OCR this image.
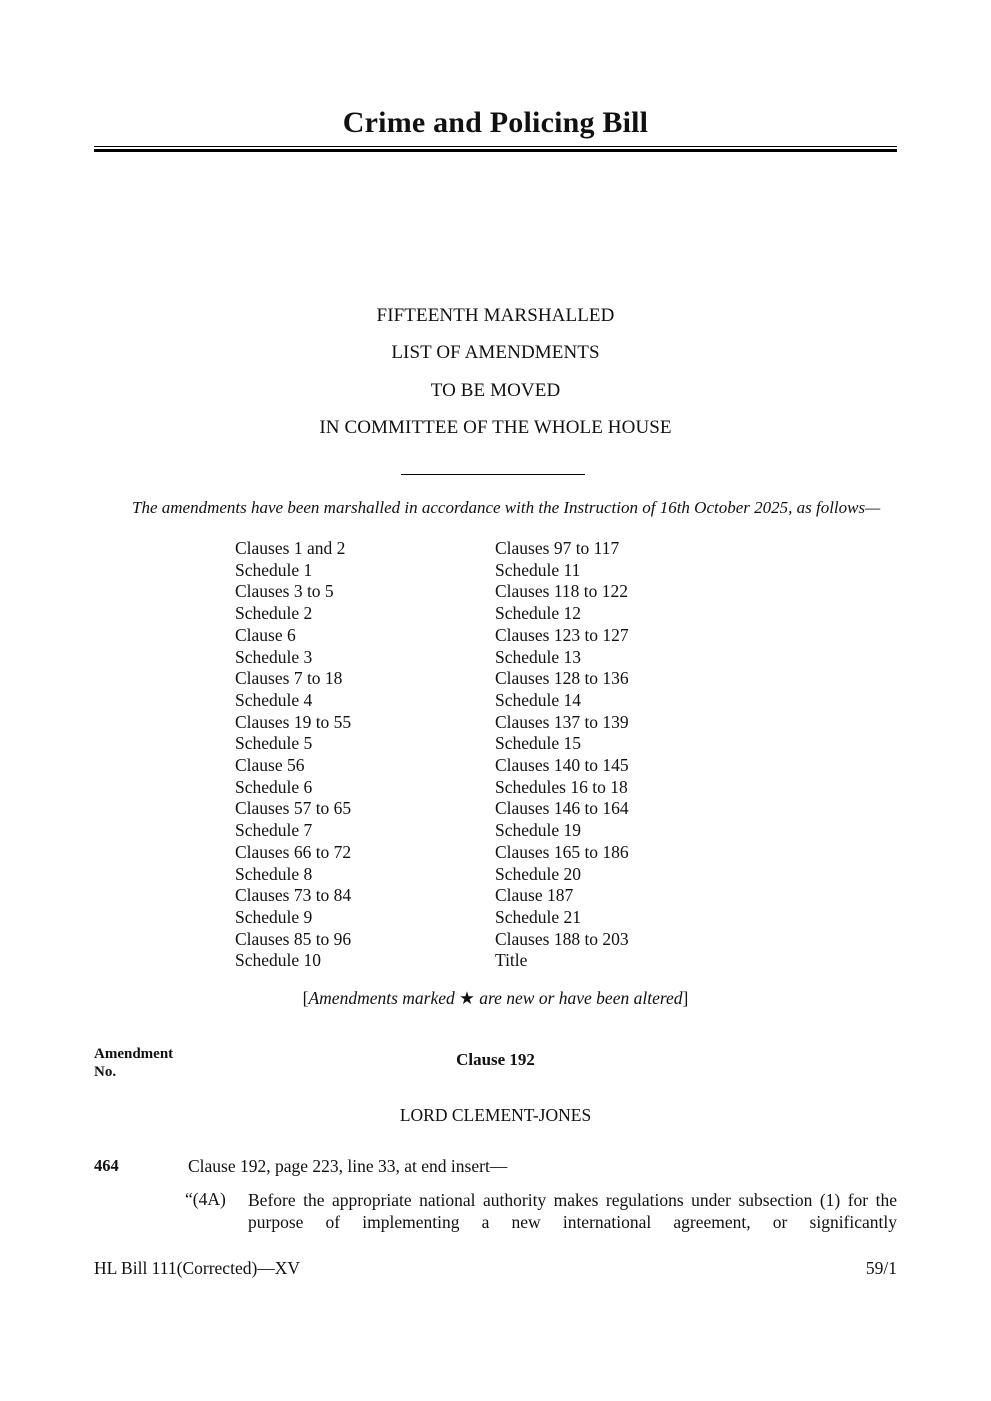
Crime and Policing Bill
FIFTEENTH MARSHALLED
LIST OF AMENDMENTS
TO BE MOVED
IN COMMITTEE OF THE WHOLE HOUSE
The amendments have been marshalled in accordance with the Instruction of 16th October 2025, as follows—
Clauses 1 and 2
Schedule 1
Clauses 3 to 5
Schedule 2
Clause 6
Schedule 3
Clauses 7 to 18
Schedule 4
Clauses 19 to 55
Schedule 5
Clause 56
Schedule 6
Clauses 57 to 65
Schedule 7
Clauses 66 to 72
Schedule 8
Clauses 73 to 84
Schedule 9
Clauses 85 to 96
Schedule 10
Clauses 97 to 117
Schedule 11
Clauses 118 to 122
Schedule 12
Clauses 123 to 127
Schedule 13
Clauses 128 to 136
Schedule 14
Clauses 137 to 139
Schedule 15
Clauses 140 to 145
Schedules 16 to 18
Clauses 146 to 164
Schedule 19
Clauses 165 to 186
Schedule 20
Clause 187
Schedule 21
Clauses 188 to 203
Title
[Amendments marked ★ are new or have been altered]
Amendment
No.
Clause 192
LORD CLEMENT-JONES
464	Clause 192, page 223, line 33, at end insert—
“(4A) Before the appropriate national authority makes regulations under subsection (1) for the purpose of implementing a new international agreement, or significantly
HL Bill 111(Corrected)—XV	59/1
